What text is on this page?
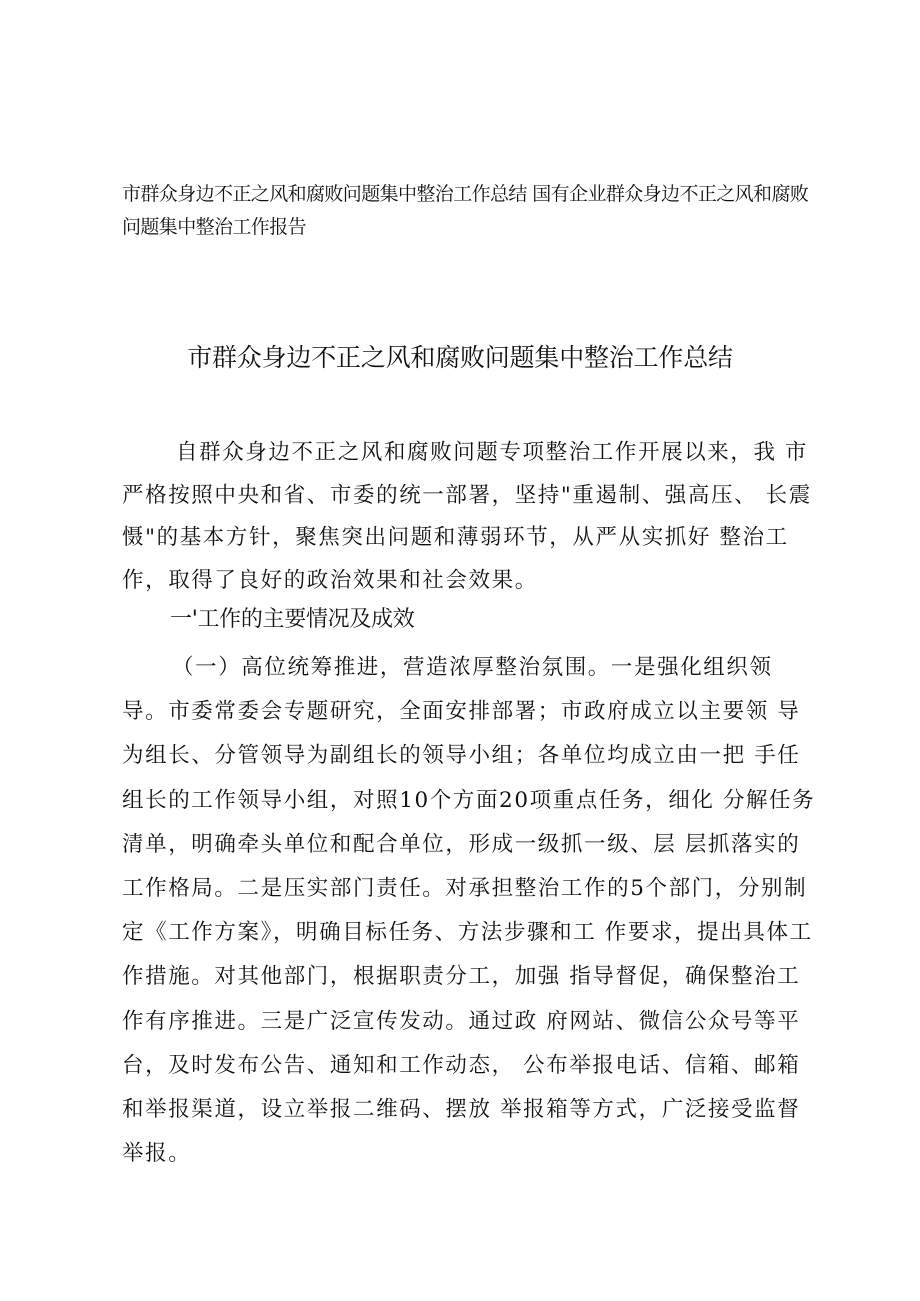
市群众身边不正之风和腐败问题集中整治工作总结 国有企业群众身边不正之风和腐败问题集中整治工作报告
市群众身边不正之风和腐败问题集中整治工作总结
自群众身边不正之风和腐败问题专项整治工作开展以来，我 市严格按照中央和省、市委的统一部署，坚持"重遏制、强高压、 长震慑"的基本方针，聚焦突出问题和薄弱环节，从严从实抓好 整治工作，取得了良好的政治效果和社会效果。
一'工作的主要情况及成效
（一）高位统筹推进，营造浓厚整治氛围。一是强化组织领 导。市委常委会专题研究，全面安排部署；市政府成立以主要领 导为组长、分管领导为副组长的领导小组；各单位均成立由一把 手任组长的工作领导小组，对照10个方面20项重点任务，细化 分解任务清单，明确牵头单位和配合单位，形成一级抓一级、层 层抓落实的工作格局。二是压实部门责任。对承担整治工作的5个部门，分别制定《工作方案》，明确目标任务、方法步骤和工 作要求，提出具体工作措施。对其他部门，根据职责分工，加强 指导督促，确保整治工作有序推进。三是广泛宣传发动。通过政 府网站、微信公众号等平台，及时发布公告、通知和工作动态， 公布举报电话、信箱、邮箱和举报渠道，设立举报二维码、摆放 举报箱等方式，广泛接受监督举报。
